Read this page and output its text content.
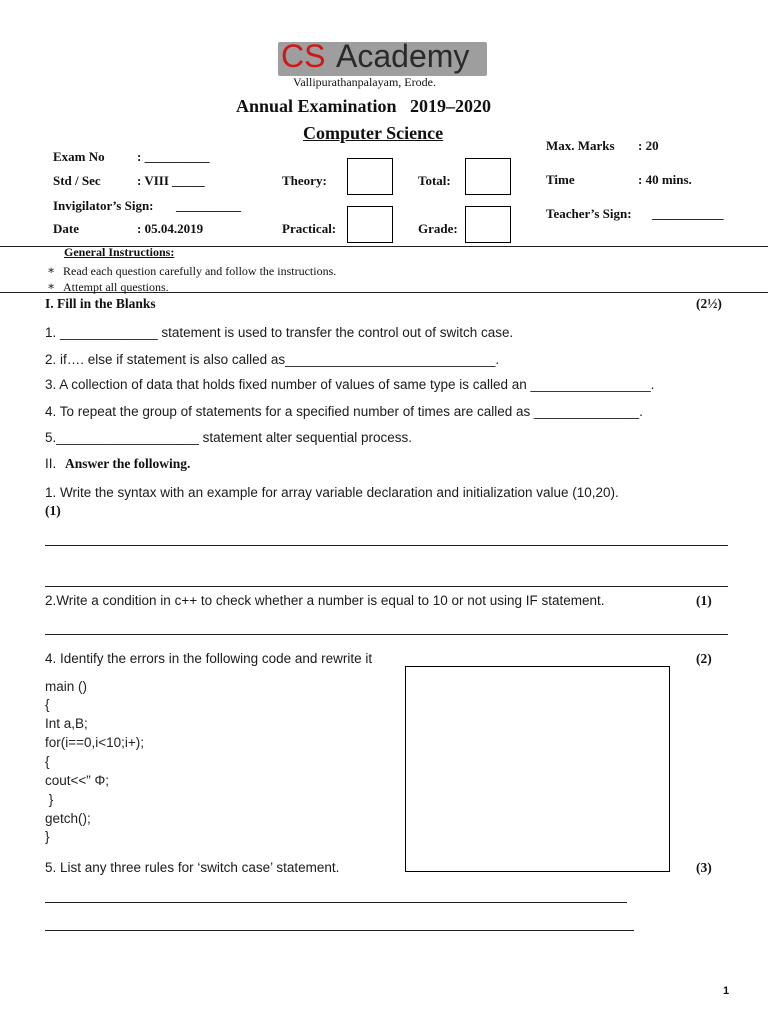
CS Academy
Vallipurathanpalayam, Erode.
Annual Examination   2019–2020
Computer Science
Exam No : __________
Std / Sec	: VIII _____
Invigilator’s Sign: __________
Date	: 05.04.2019
Theory:	Total:
Practical:	Grade:
Max. Marks : 20
Time	: 40 mins.
Teacher’s Sign: ___________
General Instructions:
∗ Read each question carefully and follow the instructions.
∗ Attempt all questions.
I. Fill in the Blanks	(2½)
1. _____________ statement is used to transfer the control out of switch case.
2. if…. else if statement is also called as____________________________.
3. A collection of data that holds fixed number of values of same type is called an ________________.
4. To repeat the group of statements for a specified number of times are called as ______________.
5.___________________ statement alter sequential process.
II. Answer the following.
1. Write the syntax with an example for array variable declaration and initialization value (10,20).
(1)
2.Write a condition in c++ to check whether a number is equal to 10 or not using IF statement.	(1)
4. Identify the errors in the following code and rewrite it	(2)
main ()
{
Int a,B;
for(i==0,i<10;i+);
{
cout<<” Φ;
}
getch();
}
5. List any three rules for ‘switch case’ statement.	(3)
1
